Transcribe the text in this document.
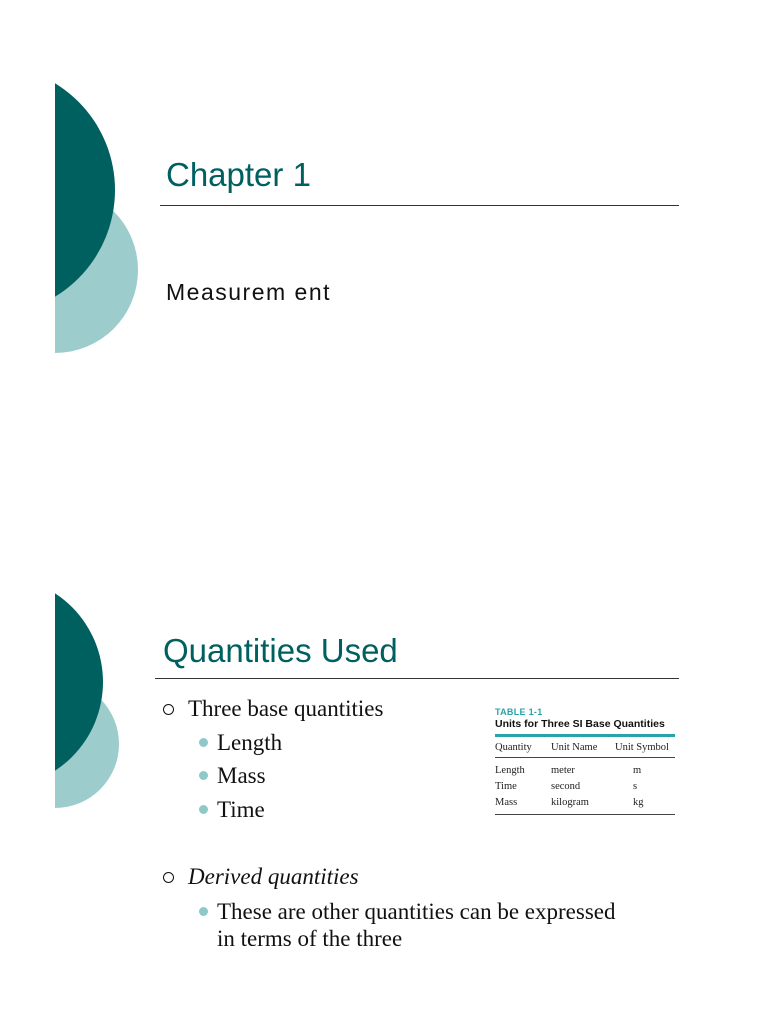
Chapter 1
Measurem ent
Quantities Used
Three base quantities
Length
Mass
Time
Derived quantities
These are other quantities can be expressed
in terms of the three
TABLE 1-1
Units for Three SI Base Quantities
Quantity	Unit Name	Unit Symbol
Length	meter	m
Time	second	s
Mass	kilogram	kg
